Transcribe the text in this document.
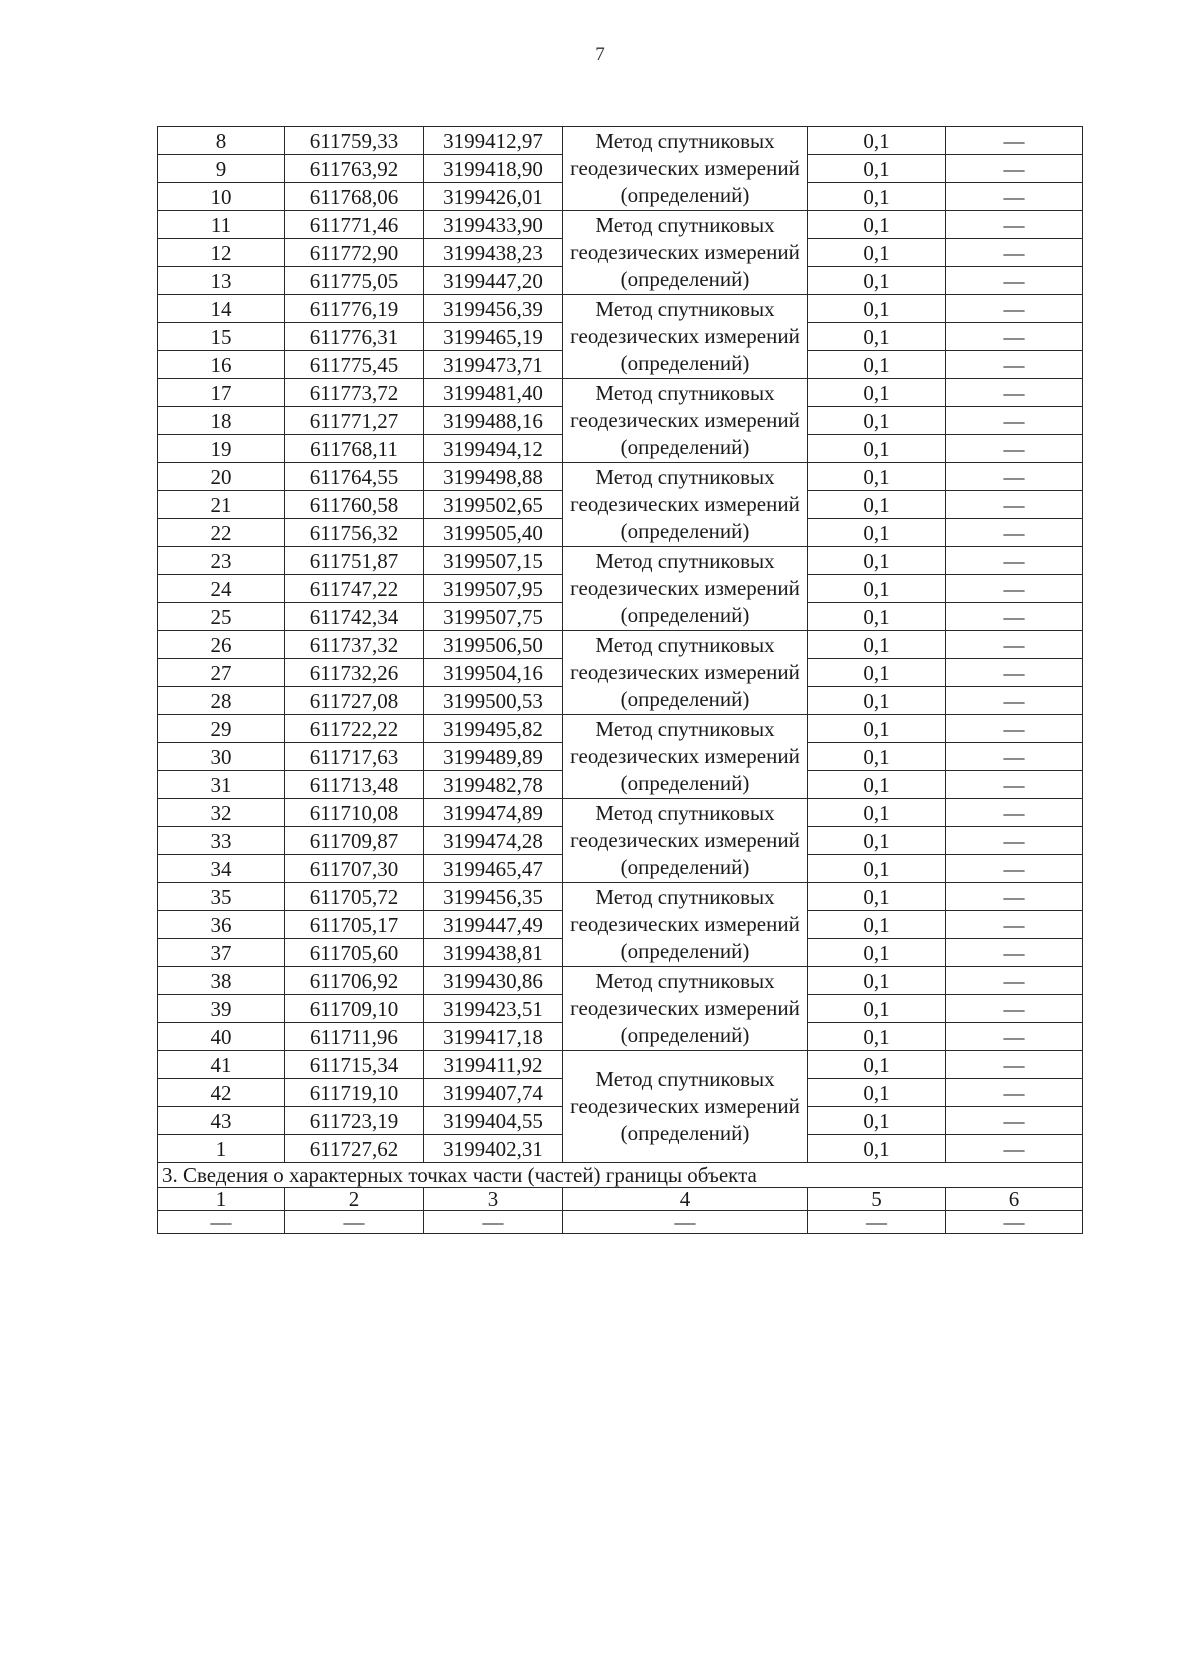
7
8	611759,33	3199412,97	Метод спутниковых геодезических измерений (определений)	0,1	—
9	611763,92	3199418,90		0,1	—
10	611768,06	3199426,01		0,1	—
11	611771,46	3199433,90	Метод спутниковых геодезических измерений (определений)	0,1	—
12	611772,90	3199438,23		0,1	—
13	611775,05	3199447,20		0,1	—
14	611776,19	3199456,39	Метод спутниковых геодезических измерений (определений)	0,1	—
15	611776,31	3199465,19		0,1	—
16	611775,45	3199473,71		0,1	—
17	611773,72	3199481,40	Метод спутниковых геодезических измерений (определений)	0,1	—
18	611771,27	3199488,16		0,1	—
19	611768,11	3199494,12		0,1	—
20	611764,55	3199498,88	Метод спутниковых геодезических измерений (определений)	0,1	—
21	611760,58	3199502,65		0,1	—
22	611756,32	3199505,40		0,1	—
23	611751,87	3199507,15	Метод спутниковых геодезических измерений (определений)	0,1	—
24	611747,22	3199507,95		0,1	—
25	611742,34	3199507,75		0,1	—
26	611737,32	3199506,50	Метод спутниковых геодезических измерений (определений)	0,1	—
27	611732,26	3199504,16		0,1	—
28	611727,08	3199500,53		0,1	—
29	611722,22	3199495,82	Метод спутниковых геодезических измерений (определений)	0,1	—
30	611717,63	3199489,89		0,1	—
31	611713,48	3199482,78		0,1	—
32	611710,08	3199474,89	Метод спутниковых геодезических измерений (определений)	0,1	—
33	611709,87	3199474,28		0,1	—
34	611707,30	3199465,47		0,1	—
35	611705,72	3199456,35	Метод спутниковых геодезических измерений (определений)	0,1	—
36	611705,17	3199447,49		0,1	—
37	611705,60	3199438,81		0,1	—
38	611706,92	3199430,86	Метод спутниковых геодезических измерений (определений)	0,1	—
39	611709,10	3199423,51		0,1	—
40	611711,96	3199417,18		0,1	—
41	611715,34	3199411,92	Метод спутниковых геодезических измерений (определений)	0,1	—
42	611719,10	3199407,74		0,1	—
43	611723,19	3199404,55		0,1	—
1	611727,62	3199402,31		0,1	—
3. Сведения о характерных точках части (частей) границы объекта					
1	2	3	4	5	6
—	—	—	—	—	—
